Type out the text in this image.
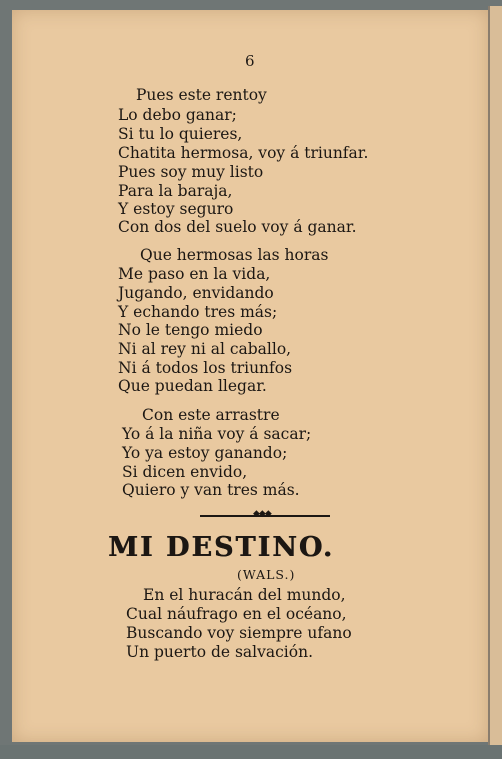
6
Pues este rentoy
Lo debo ganar;
Si tu lo quieres,
Chatita hermosa, voy á triunfar.
Pues soy muy listo
Para la baraja,
Y estoy seguro
Con dos del suelo voy á ganar.
Que hermosas las horas
Me paso en la vida,
Jugando, envidando
Y echando tres más;
No le tengo miedo
Ni al rey ni al caballo,
Ni á todos los triunfos
Que puedan llegar.
Con este arrastre
Yo á la niña voy á sacar;
Yo ya estoy ganando;
Si dicen envido,
Quiero y van tres más.
◆◆◆
MI DESTINO.
(WALS.)
En el huracán del mundo,
Cual náufrago en el océano,
Buscando voy siempre ufano
Un puerto de salvación.
